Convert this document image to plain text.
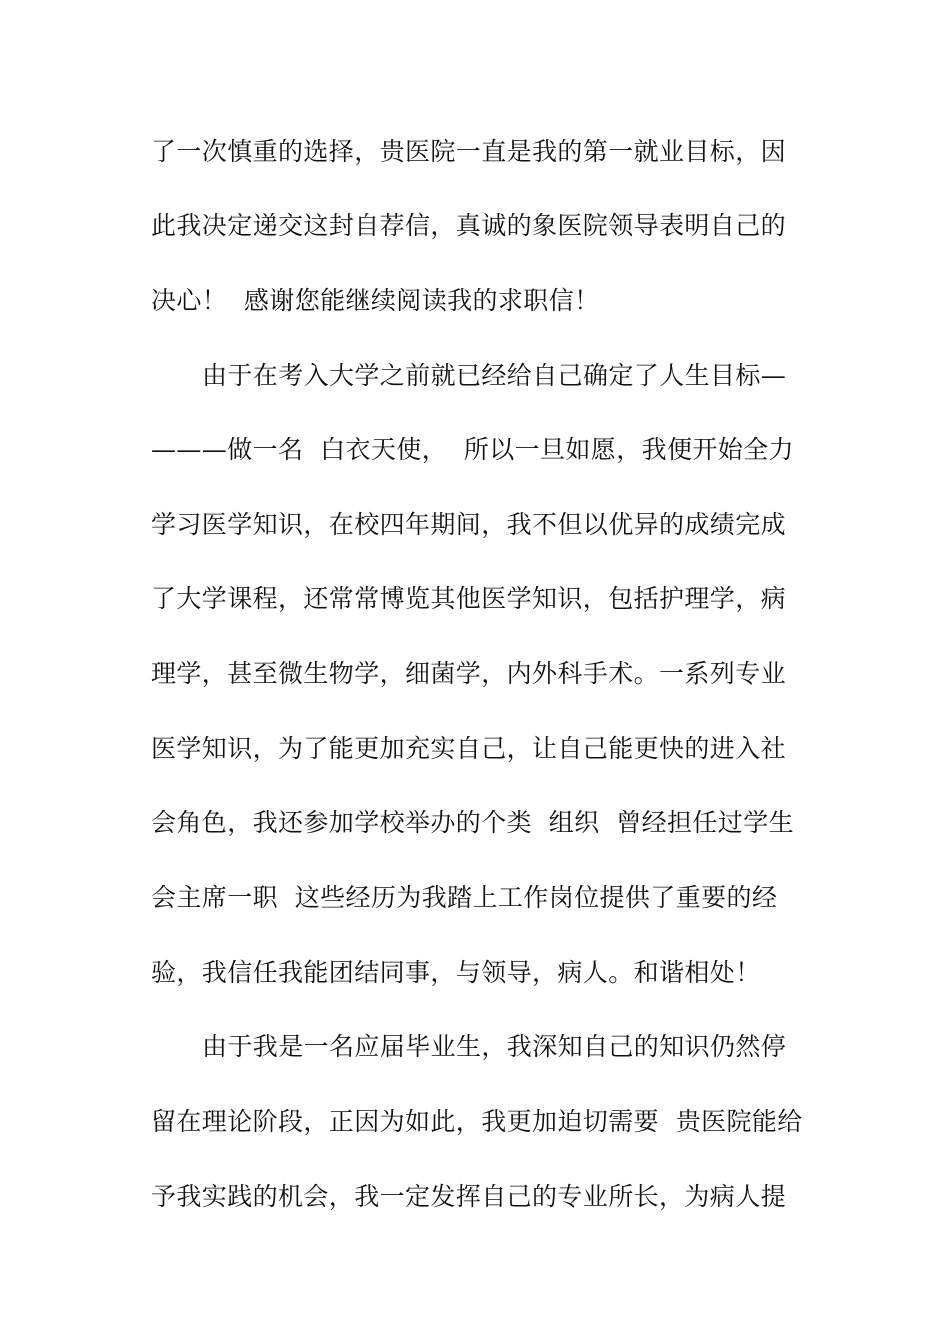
了一次慎重的选择，贵医院一直是我的第一就业目标，因
此我决定递交这封自荐信，真诚的象医院领导表明自己的
决心！  感谢您能继续阅读我的求职信！
由于在考入大学之前就已经给自己确定了人生目标—
———做一名  白衣天使，  所以一旦如愿，我便开始全力
学习医学知识，在校四年期间，我不但以优异的成绩完成
了大学课程，还常常博览其他医学知识，包括护理学，病
理学，甚至微生物学，细菌学，内外科手术。一系列专业
医学知识，为了能更加充实自己，让自己能更快的进入社
会角色，我还参加学校举办的个类  组织  曾经担任过学生
会主席一职  这些经历为我踏上工作岗位提供了重要的经
验，我信任我能团结同事，与领导，病人。和谐相处！
由于我是一名应届毕业生，我深知自己的知识仍然停
留在理论阶段，正因为如此，我更加迫切需要  贵医院能给
予我实践的机会，我一定发挥自己的专业所长，为病人提
